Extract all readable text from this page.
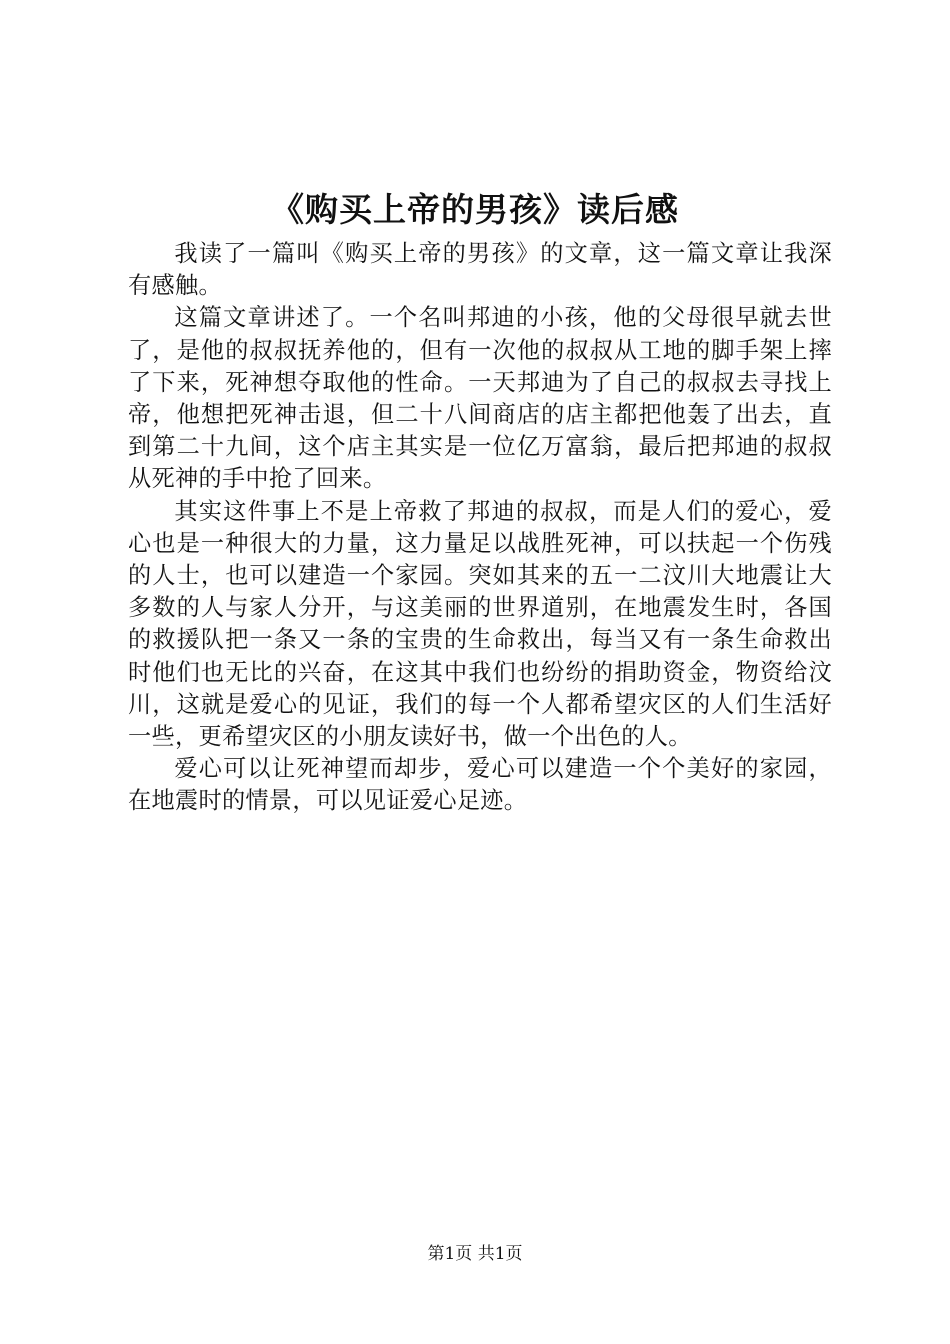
《购买上帝的男孩》读后感

我读了一篇叫《购买上帝的男孩》的文章，这一篇文章让我深有感触。

这篇文章讲述了。一个名叫邦迪的小孩，他的父母很早就去世了，是他的叔叔抚养他的，但有一次他的叔叔从工地的脚手架上摔了下来，死神想夺取他的性命。一天邦迪为了自己的叔叔去寻找上帝，他想把死神击退，但二十八间商店的店主都把他轰了出去，直到第二十九间，这个店主其实是一位亿万富翁，最后把邦迪的叔叔从死神的手中抢了回来。

其实这件事上不是上帝救了邦迪的叔叔，而是人们的爱心，爱心也是一种很大的力量，这力量足以战胜死神，可以扶起一个伤残的人士，也可以建造一个家园。突如其来的五一二汶川大地震让大多数的人与家人分开，与这美丽的世界道别，在地震发生时，各国的救援队把一条又一条的宝贵的生命救出，每当又有一条生命救出时他们也无比的兴奋，在这其中我们也纷纷的捐助资金，物资给汶川，这就是爱心的见证，我们的每一个人都希望灾区的人们生活好一些，更希望灾区的小朋友读好书，做一个出色的人。

爱心可以让死神望而却步，爱心可以建造一个个美好的家园，在地震时的情景，可以见证爱心足迹。

第1页 共1页
